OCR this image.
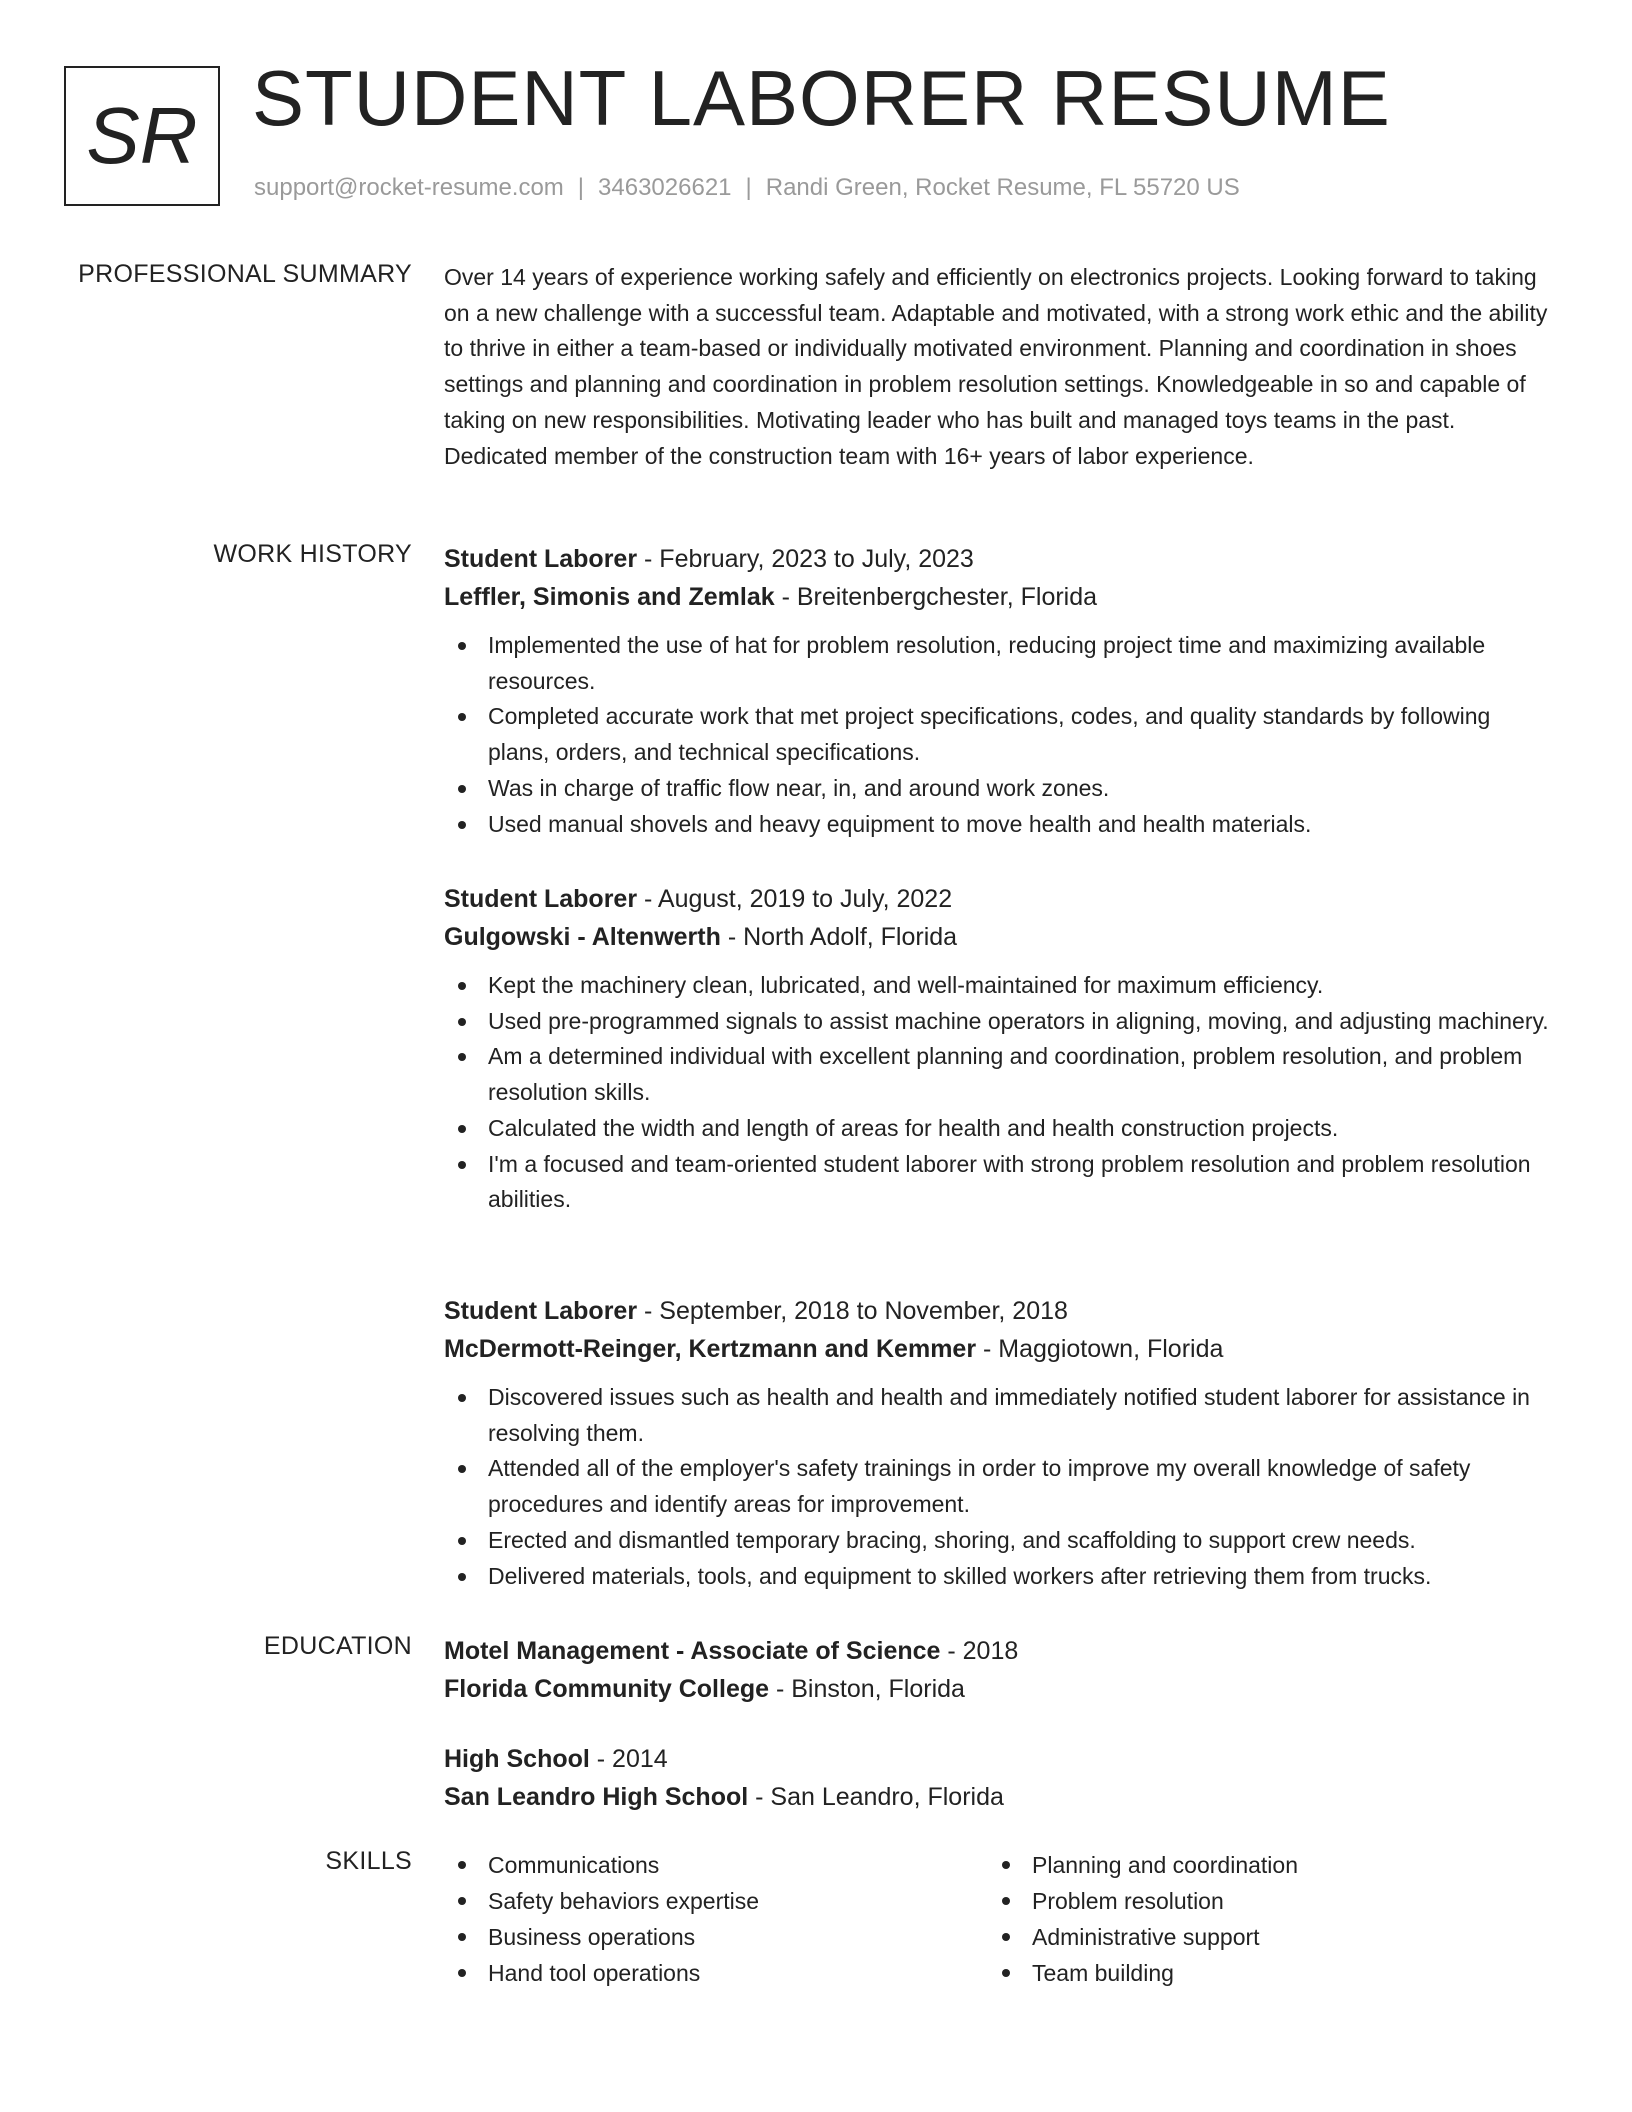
SR STUDENT LABORER RESUME
support@rocket-resume.com | 3463026621 | Randi Green, Rocket Resume, FL 55720 US
PROFESSIONAL SUMMARY Over 14 years of experience working safely and efficiently on electronics projects. Looking forward to taking on a new challenge with a successful team. Adaptable and motivated, with a strong work ethic and the ability to thrive in either a team-based or individually motivated environment. Planning and coordination in shoes settings and planning and coordination in problem resolution settings. Knowledgeable in so and capable of taking on new responsibilities. Motivating leader who has built and managed toys teams in the past. Dedicated member of the construction team with 16+ years of labor experience.

WORK HISTORY Student Laborer - February, 2023 to July, 2023
Leffler, Simonis and Zemlak - Breitenbergchester, Florida
Implemented the use of hat for problem resolution, reducing project time and maximizing available resources.
Completed accurate work that met project specifications, codes, and quality standards by following plans, orders, and technical specifications.
Was in charge of traffic flow near, in, and around work zones.
Used manual shovels and heavy equipment to move health and health materials.
Student Laborer - August, 2019 to July, 2022
Gulgowski - Altenwerth - North Adolf, Florida
Kept the machinery clean, lubricated, and well-maintained for maximum efficiency.
Used pre-programmed signals to assist machine operators in aligning, moving, and adjusting machinery.
Am a determined individual with excellent planning and coordination, problem resolution, and problem resolution skills.
Calculated the width and length of areas for health and health construction projects.
I'm a focused and team-oriented student laborer with strong problem resolution and problem resolution abilities.
Student Laborer - September, 2018 to November, 2018
McDermott-Reinger, Kertzmann and Kemmer - Maggiotown, Florida
Discovered issues such as health and health and immediately notified student laborer for assistance in resolving them.
Attended all of the employer's safety trainings in order to improve my overall knowledge of safety procedures and identify areas for improvement.
Erected and dismantled temporary bracing, shoring, and scaffolding to support crew needs.
Delivered materials, tools, and equipment to skilled workers after retrieving them from trucks.
EDUCATION Motel Management - Associate of Science - 2018
Florida Community College - Binston, Florida
High School - 2014
San Leandro High School - San Leandro, Florida
SKILLS	Communications
Safety behaviors expertise
Business operations
Hand tool operations
Planning and coordination
Problem resolution
Administrative support
Team building
